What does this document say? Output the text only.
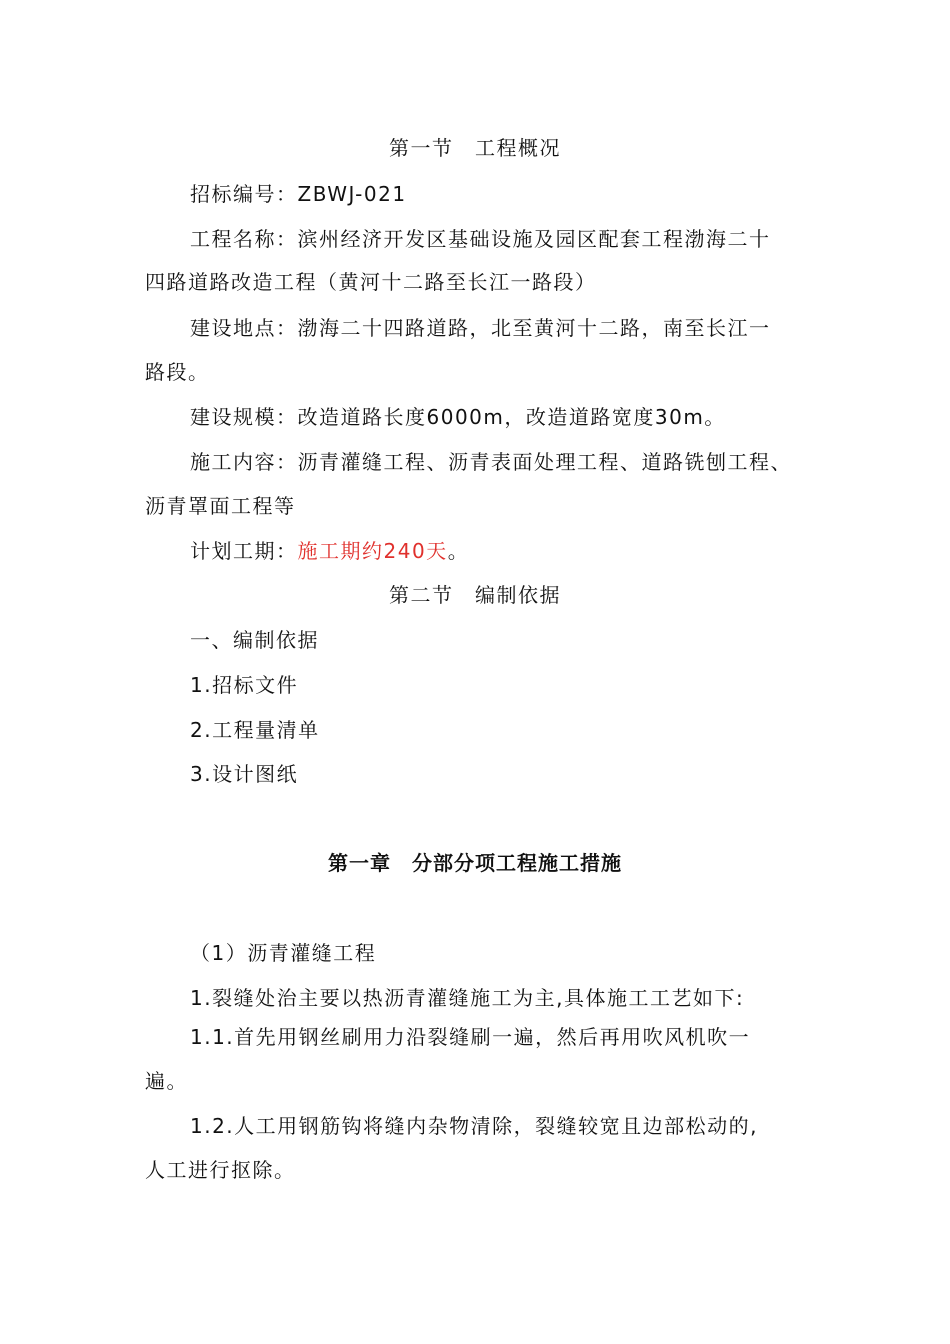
第一节　工程概况
招标编号：ZBWJ-021
工程名称：滨州经济开发区基础设施及园区配套工程渤海二十
四路道路改造工程（黄河十二路至长江一路段）
建设地点：渤海二十四路道路，北至黄河十二路，南至长江一
路段。
建设规模：改造道路长度6000m，改造道路宽度30m。
施工内容：沥青灌缝工程、沥青表面处理工程、道路铣刨工程、
沥青罩面工程等
计划工期：施工期约240天。
第二节　编制依据
一、编制依据
1.招标文件
2.工程量清单
3.设计图纸
第一章　分部分项工程施工措施
（1）沥青灌缝工程
1.裂缝处治主要以热沥青灌缝施工为主,具体施工工艺如下:
1.1.首先用钢丝刷用力沿裂缝刷一遍，然后再用吹风机吹一
遍。
1.2.人工用钢筋钩将缝内杂物清除，裂缝较宽且边部松动的,
人工进行抠除。
